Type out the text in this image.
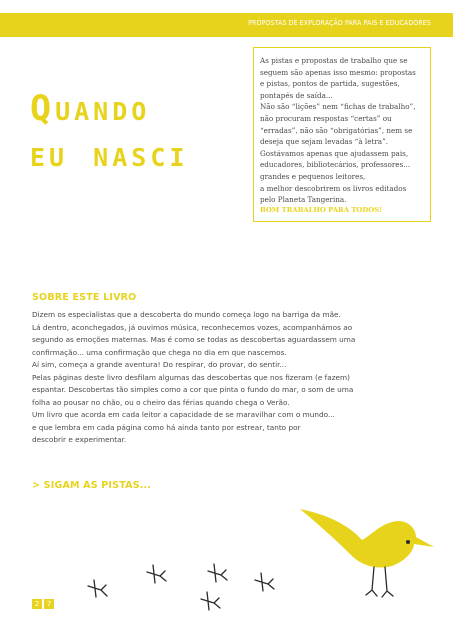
PROPOSTAS DE EXPLORAÇÃO PARA PAIS E EDUCADORES
Quando
eu nasci
As pistas e propostas de trabalho que se
seguem são apenas isso mesmo: propostas
e pistas, pontos de partida, sugestões,
pontapés de saída...
Não são “lições” nem “fichas de trabalho”,
não procuram respostas “certas” ou
“erradas”, não são “obrigatórias”, nem se
deseja que sejam levadas “à letra”.
Gostávamos apenas que ajudassem pais,
educadores, bibliotecários, professores...
grandes e pequenos leitores,
a melhor descobrirem os livros editados
pelo Planeta Tangerina.
BOM TRABALHO PARA TODOS!
SOBRE ESTE LIVRO
Dizem os especialistas que a descoberta do mundo começa logo na barriga da mãe.
Lá dentro, aconchegados, já ouvimos música, reconhecemos vozes, acompanhámos ao
segundo as emoções maternas. Mas é como se todas as descobertas aguardassem uma
confirmação... uma confirmação que chega no dia em que nascemos.
Aí sim, começa a grande aventura! Do respirar, do provar, do sentir...
Pelas páginas deste livro desfilam algumas das descobertas que nos fizeram (e fazem)
espantar. Descobertas tão simples como a cor que pinta o fundo do mar, o som de uma
folha ao pousar no chão, ou o cheiro das férias quando chega o Verão.
Um livro que acorda em cada leitor a capacidade de se maravilhar com o mundo...
e que lembra em cada página como há ainda tanto por estrear, tanto por
descobrir e experimentar.
> SIGAM AS PISTAS...
2	7
